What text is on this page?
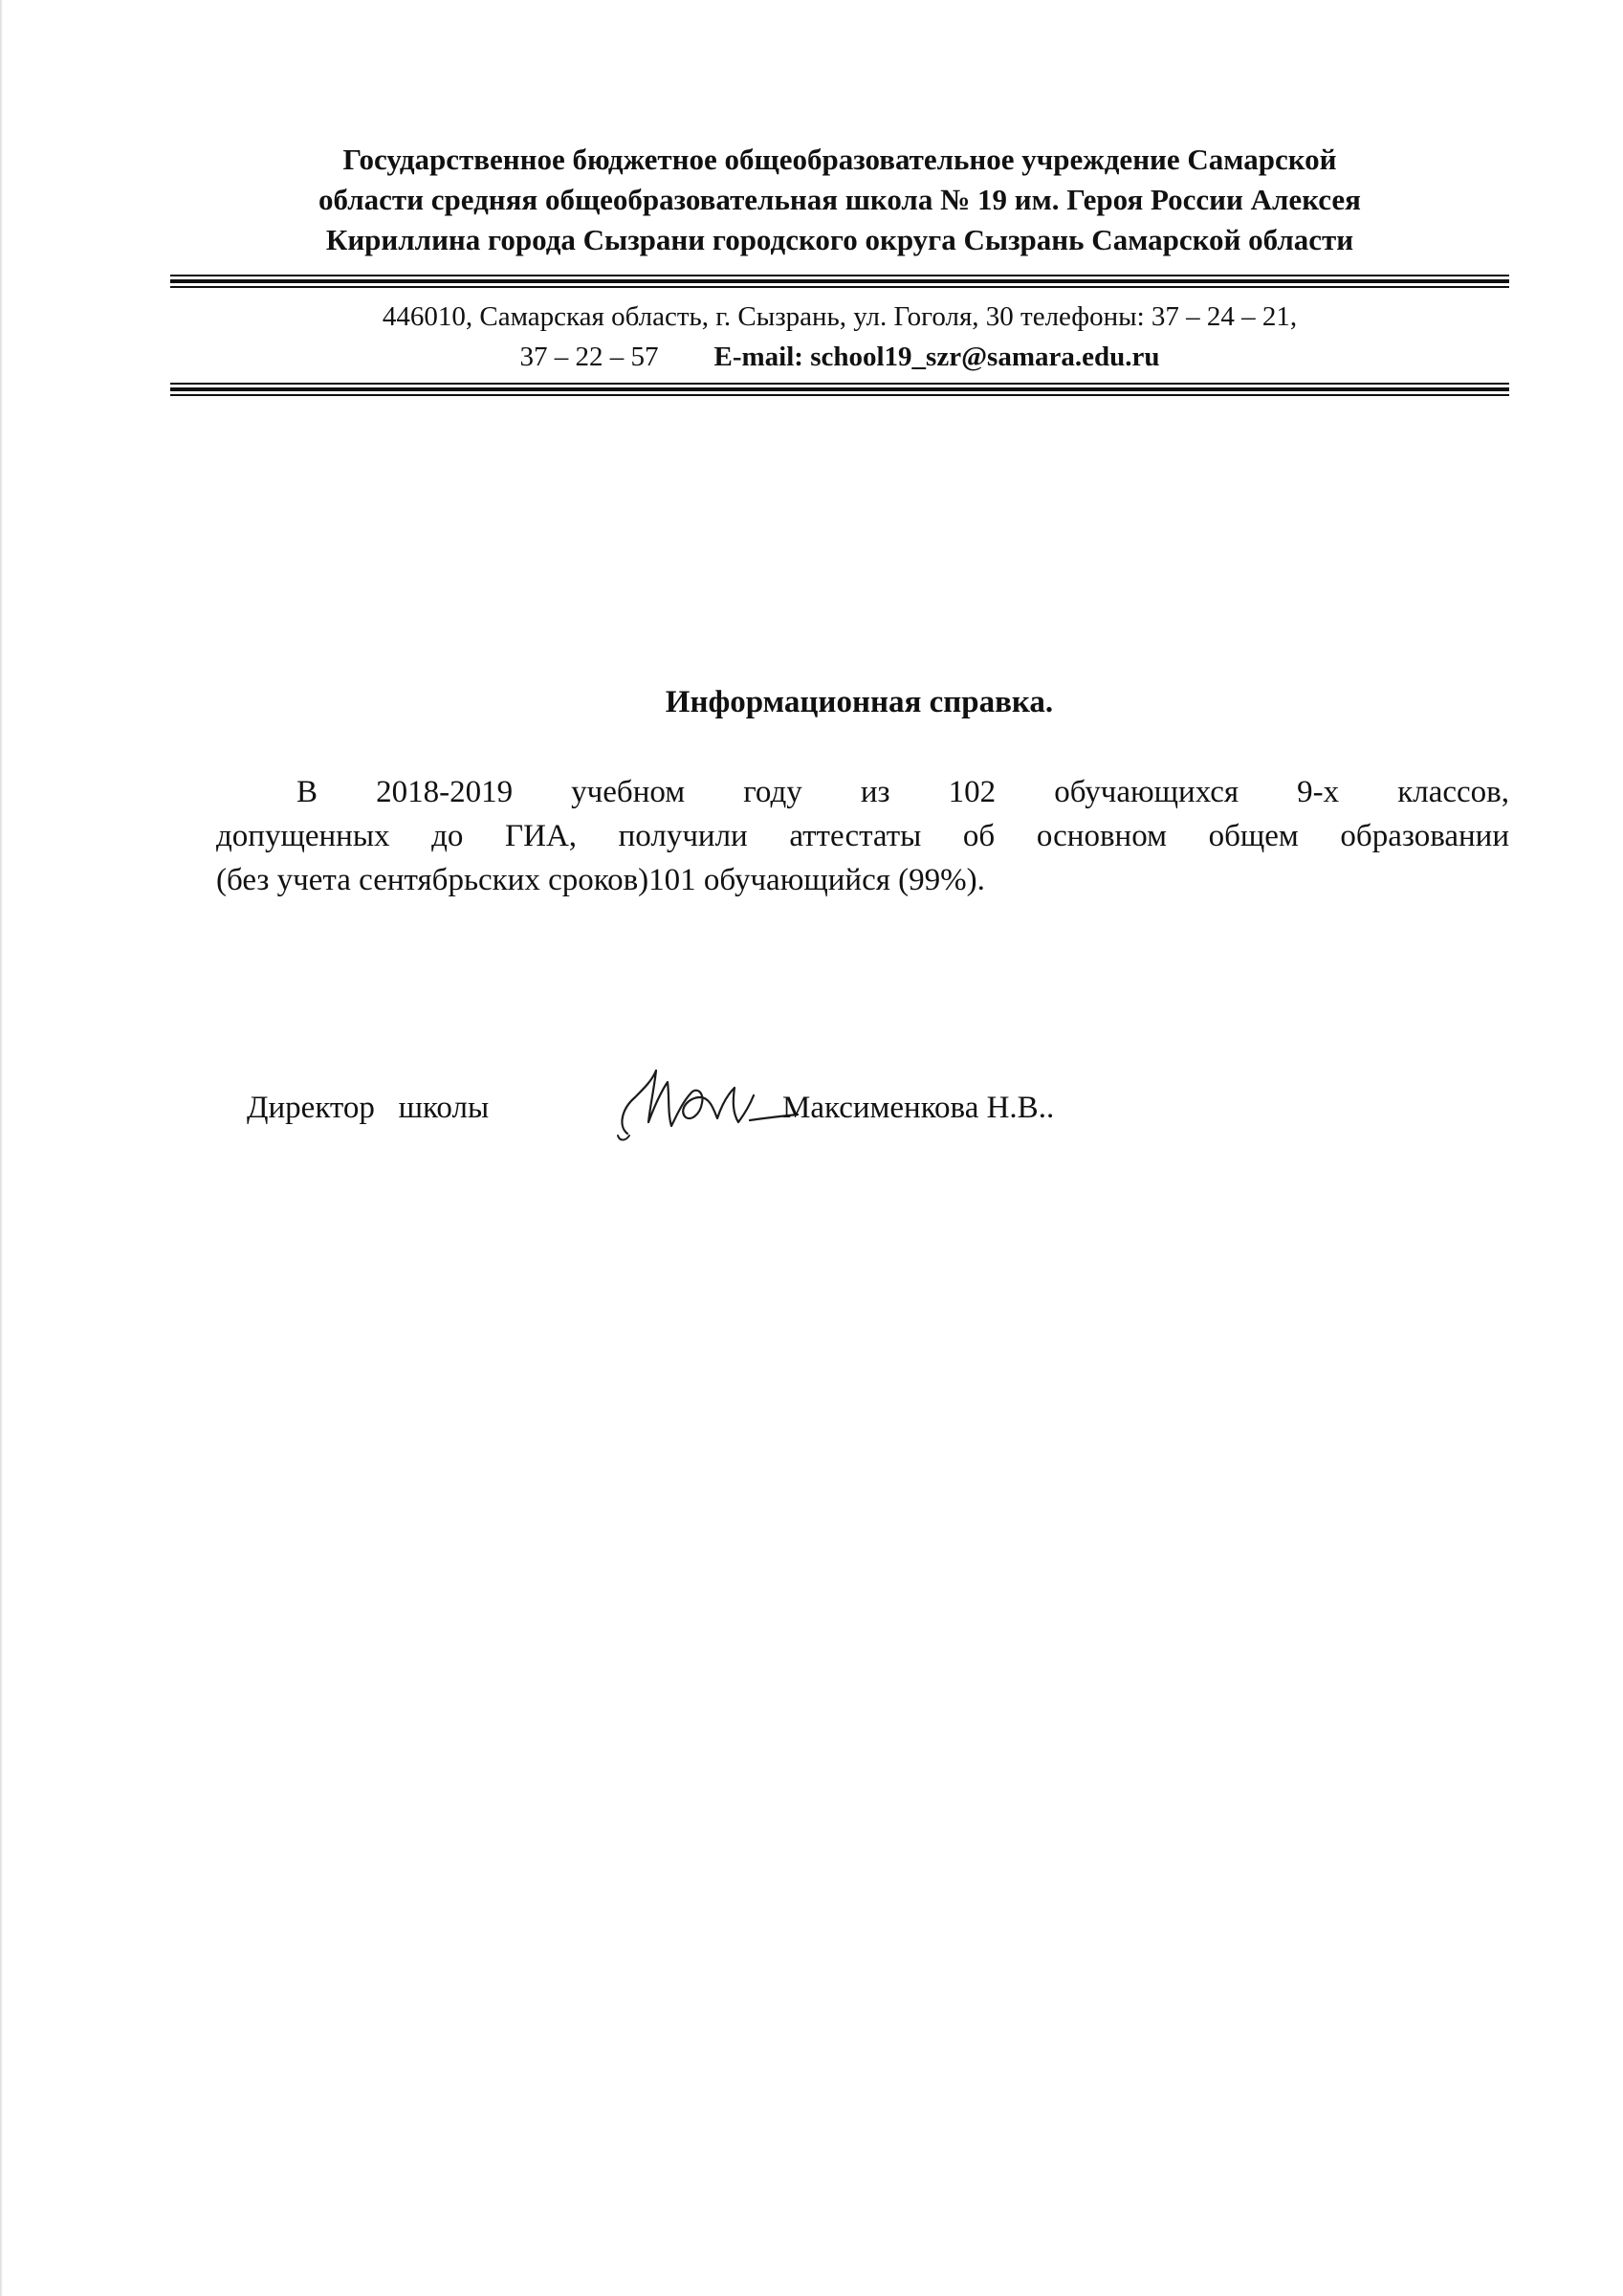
Государственное бюджетное общеобразовательное учреждение Самарской
области средняя общеобразовательная школа № 19 им. Героя России Алексея
Кириллина города Сызрани городского округа Сызрань Самарской области
446010, Самарская область, г. Сызрань, ул. Гоголя, 30 телефоны: 37 – 24 – 21,
37 – 22 – 57 E-mail: school19_szr@samara.edu.ru
Информационная справка.
В 2018-2019 учебном году из 102 обучающихся 9-х классов,
допущенных до ГИА, получили аттестаты об основном общем образовании
(без учета сентябрьских сроков)101 обучающийся (99%).
Директор   школы	Максименкова Н.В..
